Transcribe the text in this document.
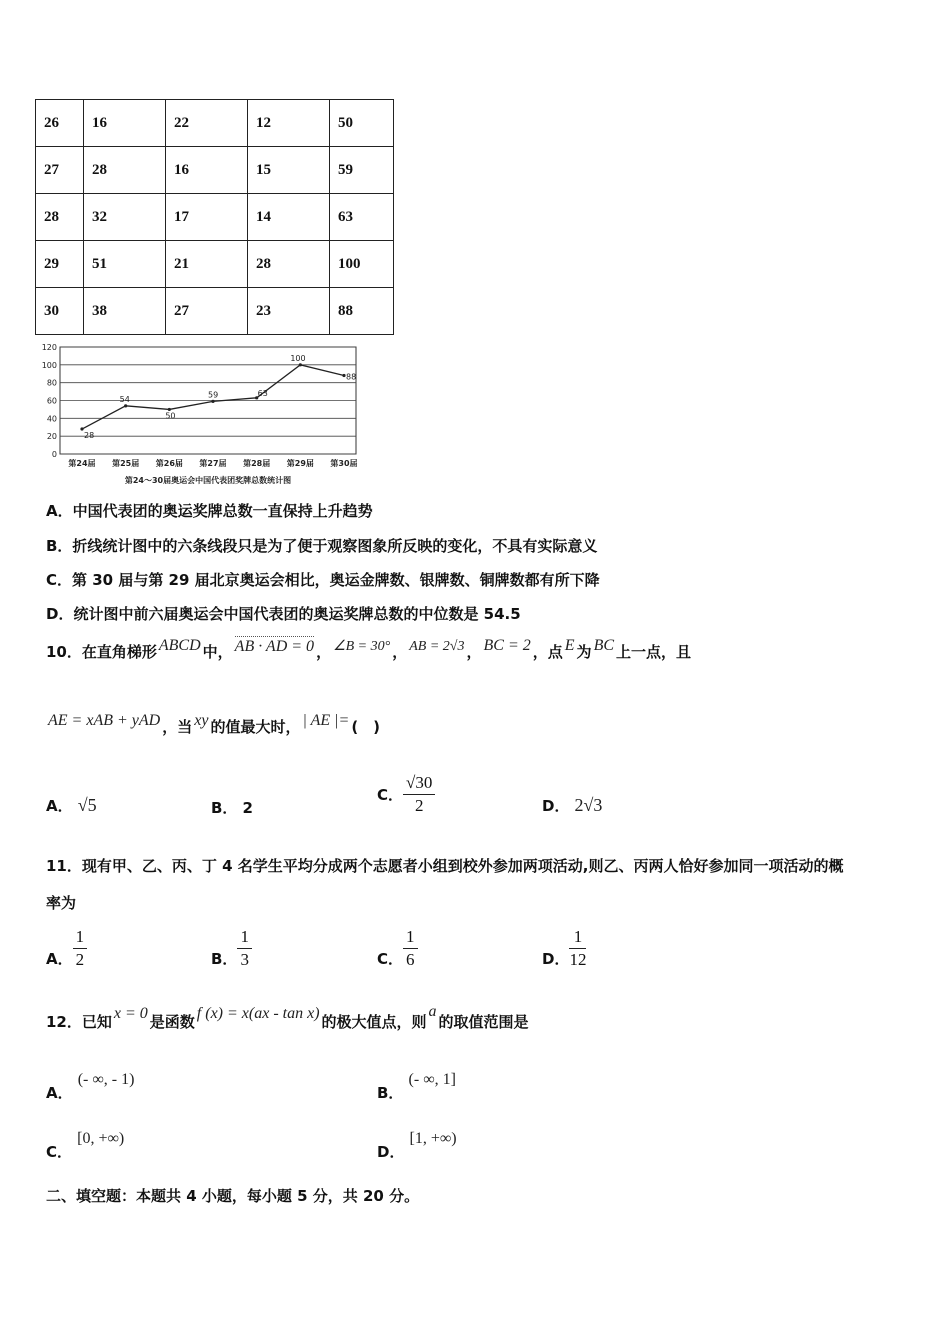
26	16	22	12	50
27	28	16	15	59
28	32	17	14	63
29	51	21	28	100
30	38	27	23	88
0
20
40
60
80
100
120
第24届 第25届 第26届 第27届 第28届 第29届 第30届
28
54
50
59	63
100
88
第24～30届奥运会中国代表团奖牌总数统计图
A．中国代表团的奥运奖牌总数一直保持上升趋势
B．折线统计图中的六条线段只是为了便于观察图象所反映的变化，不具有实际意义
C．第 30 届与第 29 届北京奥运会相比，奥运金牌数、银牌数、铜牌数都有所下降
D．统计图中前六届奥运会中国代表团的奥运奖牌总数的中位数是 54.5
10．在直角梯形 ABCD 中， AB · AD = 0 ， ∠B = 30° ， AB = 2√3 ， BC = 2 ，点 E 为 BC 上一点，且
AE = xAB + yAD ，当 xy 的值最大时， | AE |= (　)
A． √5	B． 2
C． $\frac{√30}{2}$	D． 2√3
11．现有甲、乙、丙、丁 4 名学生平均分成两个志愿者小组到校外参加两项活动,则乙、丙两人恰好参加同一项活动的概
率为
A． $\frac{1}{2}$	B． $\frac{1}{3}$	C． $\frac{1}{6}$	D． $\frac{1}{12}$
12．已知 x = 0 是函数 f (x) = x(ax - tan x) 的极大值点，则
a
的取值范围是
A． (- ∞, - 1)
B． (- ∞, 1]
C． [0, +∞)
D． [1, +∞)
二、填空题：本题共 4 小题，每小题 5 分，共 20 分。
